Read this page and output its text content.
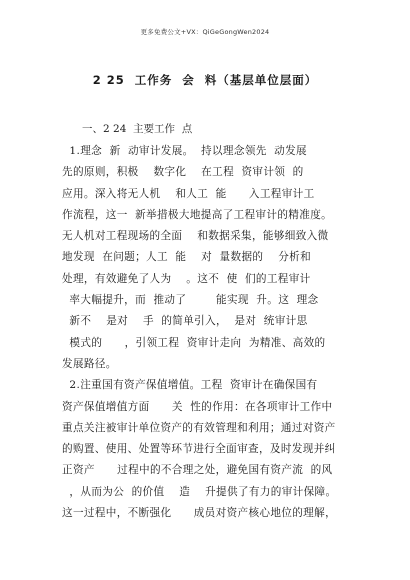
更多免费公文+VX：QiGeGongWen2024
2 25  工作务  会  料（基层单位层面）
一、2 24  主要工作  点
1.理念  新  动审计发展。  持以理念领先  动发展
先的原则，积极    数字化    在工程  资审计领  的
应用。深入将无人机    和人工  能      入工程审计工
作流程，这一  新举措极大地提高了工程审计的精准度。
无人机对工程现场的全面    和数据采集，能够细致入微
地发现  在问题；人工  能    对  量数据的    分析和
处理，有效避免了人为    。这不  使  们的工程审计
率大幅提升，而  推动了        能实现  升。这  理念
新不    是对    手  的简单引入，  是对  统审计思
模式的      ，引领工程  资审计走向  为精准、高效的
发展路径。
2.注重国有资产保值增值。工程  资审计在确保国有
资产保值增值方面      关  性的作用：在各项审计工作中
重点关注被审计单位资产的有效管理和利用；通过对资产
的购置、使用、处置等环节进行全面审查，及时发现并纠
正资产      过程中的不合理之处，避免国有资产流  的风
，从而为公  的价值    造    升提供了有力的审计保障。
这一过程中，不断强化      成员对资产核心地位的理解，
